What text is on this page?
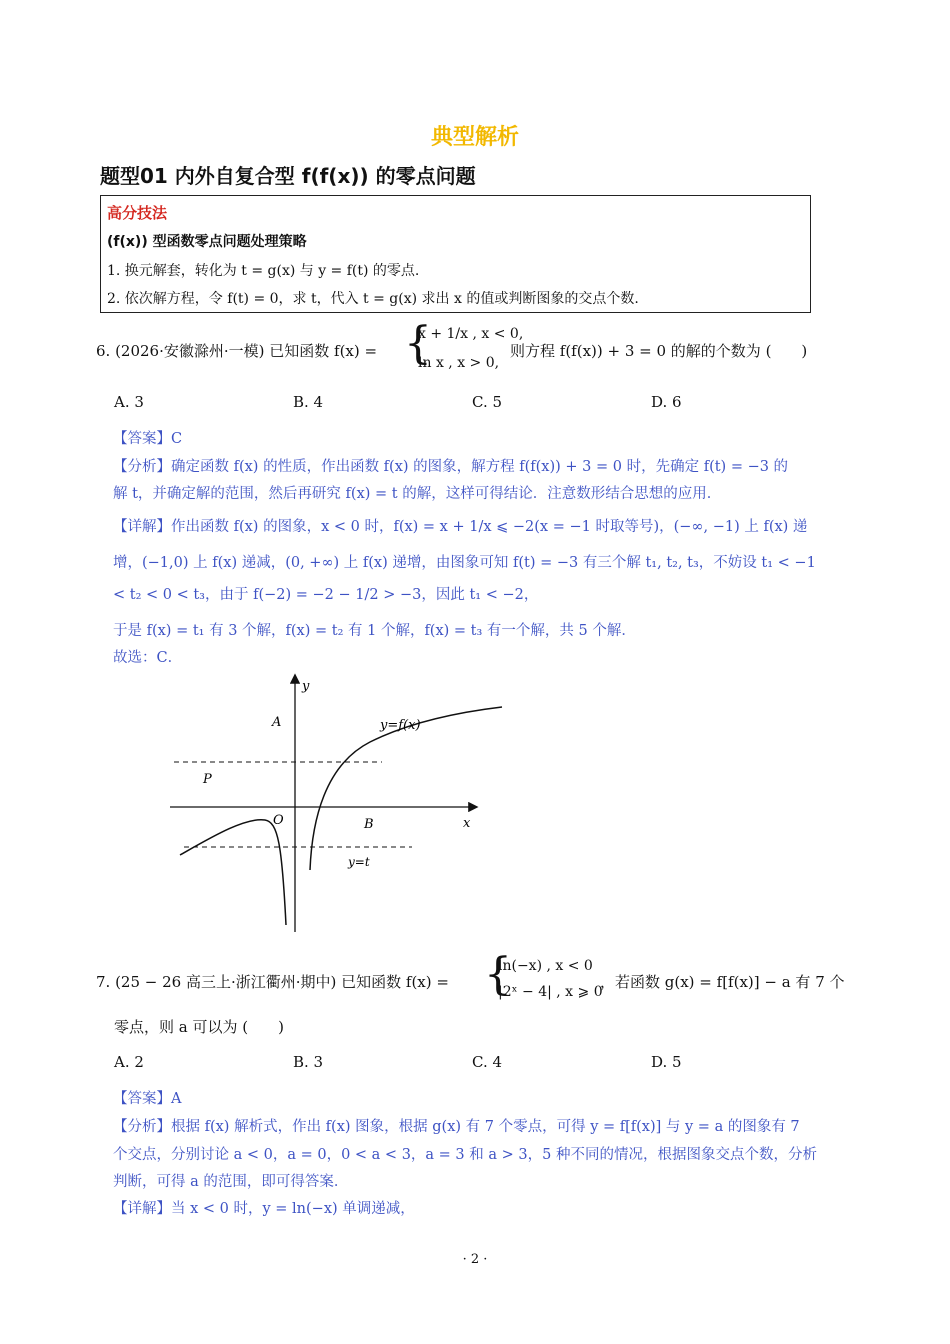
典型解析
题型01 内外自复合型 f(f(x)) 的零点问题
高分技法
(f(x)) 型函数零点问题处理策略
1. 换元解套，转化为 t = g(x) 与 y = f(t) 的零点.
2. 依次解方程，令 f(t) = 0，求 t，代入 t = g(x) 求出 x 的值或判断图象的交点个数.
6. (2026·安徽滁州·一模) 已知函数 f(x) = {
x + 1/x , x < 0,
ln x , x > 0,
则方程 f(f(x)) + 3 = 0 的解的个数为 (　　)
A. 3	B. 4	C. 5	D. 6
【答案】C
【分析】确定函数 f(x) 的性质，作出函数 f(x) 的图象，解方程 f(f(x)) + 3 = 0 时，先确定 f(t) = −3 的
解 t，并确定解的范围，然后再研究 f(x) = t 的解，这样可得结论．注意数形结合思想的应用．
【详解】作出函数 f(x) 的图象，x < 0 时，f(x) = x + 1/x ⩽ −2(x = −1 时取等号)，(−∞, −1) 上 f(x) 递
增，(−1,0) 上 f(x) 递减，(0, +∞) 上 f(x) 递增，由图象可知 f(t) = −3 有三个解 t₁, t₂, t₃，不妨设 t₁ < −1
< t₂ < 0 < t₃，由于 f(−2) = −2 − 1/2 > −3，因此 t₁ < −2，
于是 f(x) = t₁ 有 3 个解，f(x) = t₂ 有 1 个解，f(x) = t₃ 有一个解，共 5 个解．
故选：C．
y
x
A
P
O	B
y=f(x)
y=t
7. (25 − 26 高三上·浙江衢州·期中) 已知函数 f(x) = {
ln(−x) , x < 0
|2ˣ − 4| , x ⩾ 0
，若函数 g(x) = f[f(x)] − a 有 7 个
零点，则 a 可以为 (　　)
A. 2	B. 3	C. 4	D. 5
【答案】A
【分析】根据 f(x) 解析式，作出 f(x) 图象，根据 g(x) 有 7 个零点，可得 y = f[f(x)] 与 y = a 的图象有 7
个交点，分别讨论 a < 0，a = 0，0 < a < 3，a = 3 和 a > 3，5 种不同的情况，根据图象交点个数，分析
判断，可得 a 的范围，即可得答案．
【详解】当 x < 0 时，y = ln(−x) 单调递减，
· 2 ·
